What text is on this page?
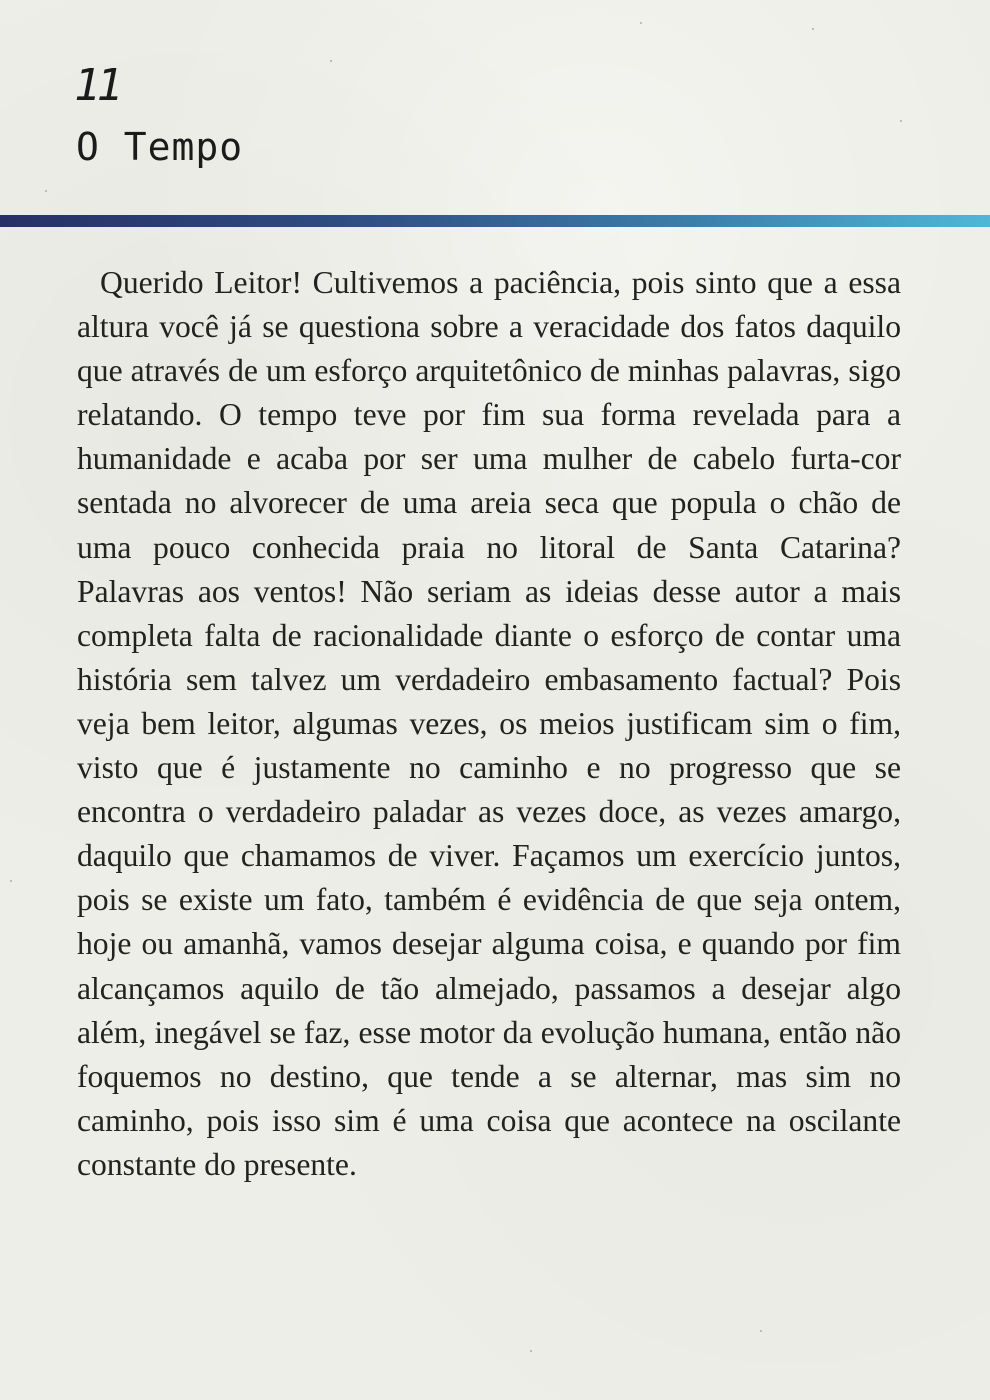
11
O Tempo

Querido Leitor! Cultivemos a paciência, pois sinto que a essa altura você já se questiona sobre a veracidade dos fatos daquilo que através de um esforço arquitetônico de minhas palavras, sigo relatando. O tempo teve por fim sua forma revelada para a humanidade e acaba por ser uma mulher de cabelo furta-cor sentada no alvorecer de uma areia seca que popula o chão de uma pouco conhecida praia no litoral de Santa Catarina? Palavras aos ventos! Não seriam as ideias desse autor a mais completa falta de racionalidade diante o esforço de contar uma história sem talvez um verdadeiro embasamento factual? Pois veja bem leitor, algumas vezes, os meios justificam sim o fim, visto que é justamente no caminho e no progresso que se encontra o verdadeiro paladar as vezes doce, as vezes amargo, daquilo que chamamos de viver. Façamos um exercício juntos, pois se existe um fato, também é evidência de que seja ontem, hoje ou amanhã, vamos desejar alguma coisa, e quando por fim alcançamos aquilo de tão almejado, passamos a desejar algo além, inegável se faz, esse motor da evolução humana, então não foquemos no destino, que tende a se alternar, mas sim no caminho, pois isso sim é uma coisa que acontece na oscilante constante do presente.
